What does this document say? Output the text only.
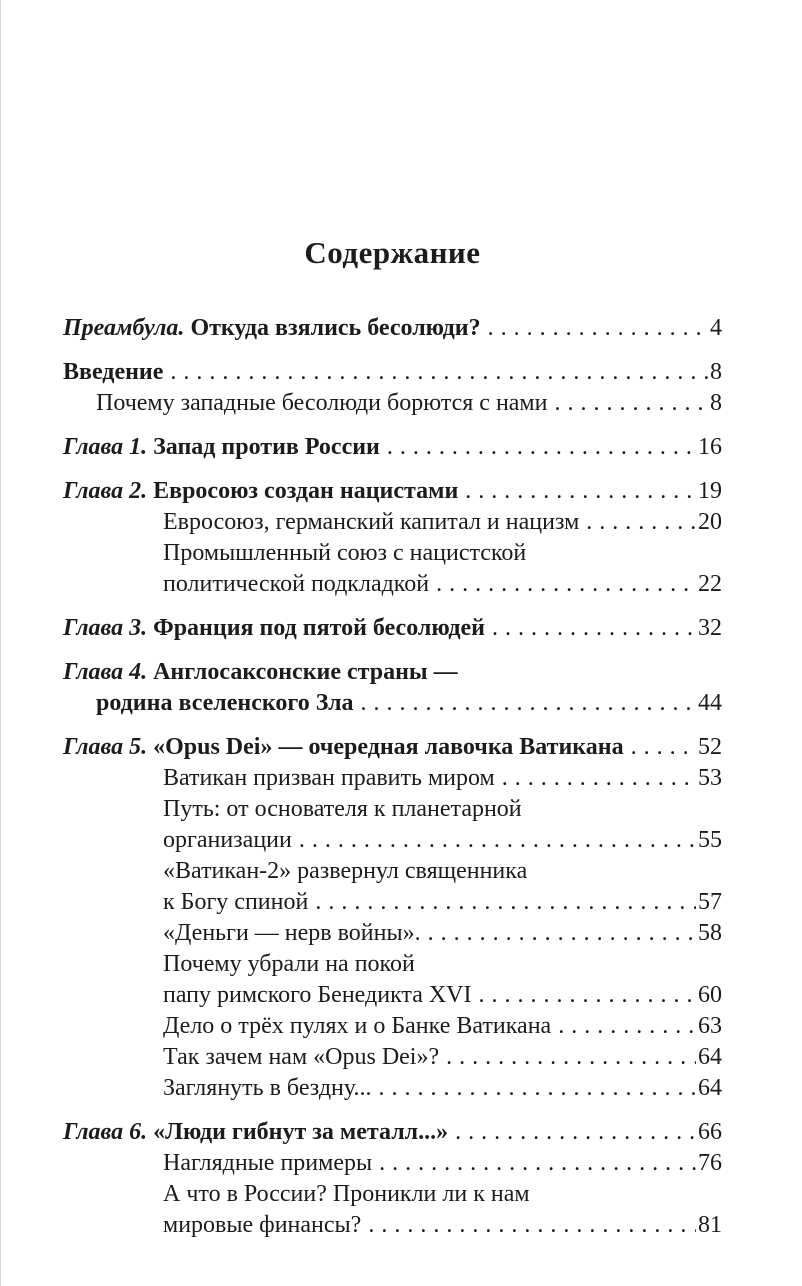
Содержание
Преамбула. Откуда взялись бесолюди? .....	4
Введение .....	8
Почему западные бесолюди борются с нами .....	8
Глава 1. Запад против России .....	16
Глава 2. Евросоюз создан нацистами .....	19
Евросоюз, германский капитал и нацизм .....	20
Промышленный союз с нацистской
политической подкладкой .....	22
Глава 3. Франция под пятой бесолюдей .....	32
Глава 4. Англосаксонские страны —
родина вселенского Зла .....	44
Глава 5. «Opus Dei» — очередная лавочка Ватикана .....	52
Ватикан призван править миром .....	53
Путь: от основателя к планетарной
организации .....	55
«Ватикан-2» развернул священника
к Богу спиной .....	57
«Деньги — нерв войны». .....	58
Почему убрали на покой
папу римского Бенедикта XVI .....	60
Дело о трёх пулях и о Банке Ватикана .....	63
Так зачем нам «Opus Dei»? .....	64
Заглянуть в бездну... .....	64
Глава 6. «Люди гибнут за металл...» .....	66
Наглядные примеры .....	76
А что в России? Проникли ли к нам
мировые финансы? .....	81
